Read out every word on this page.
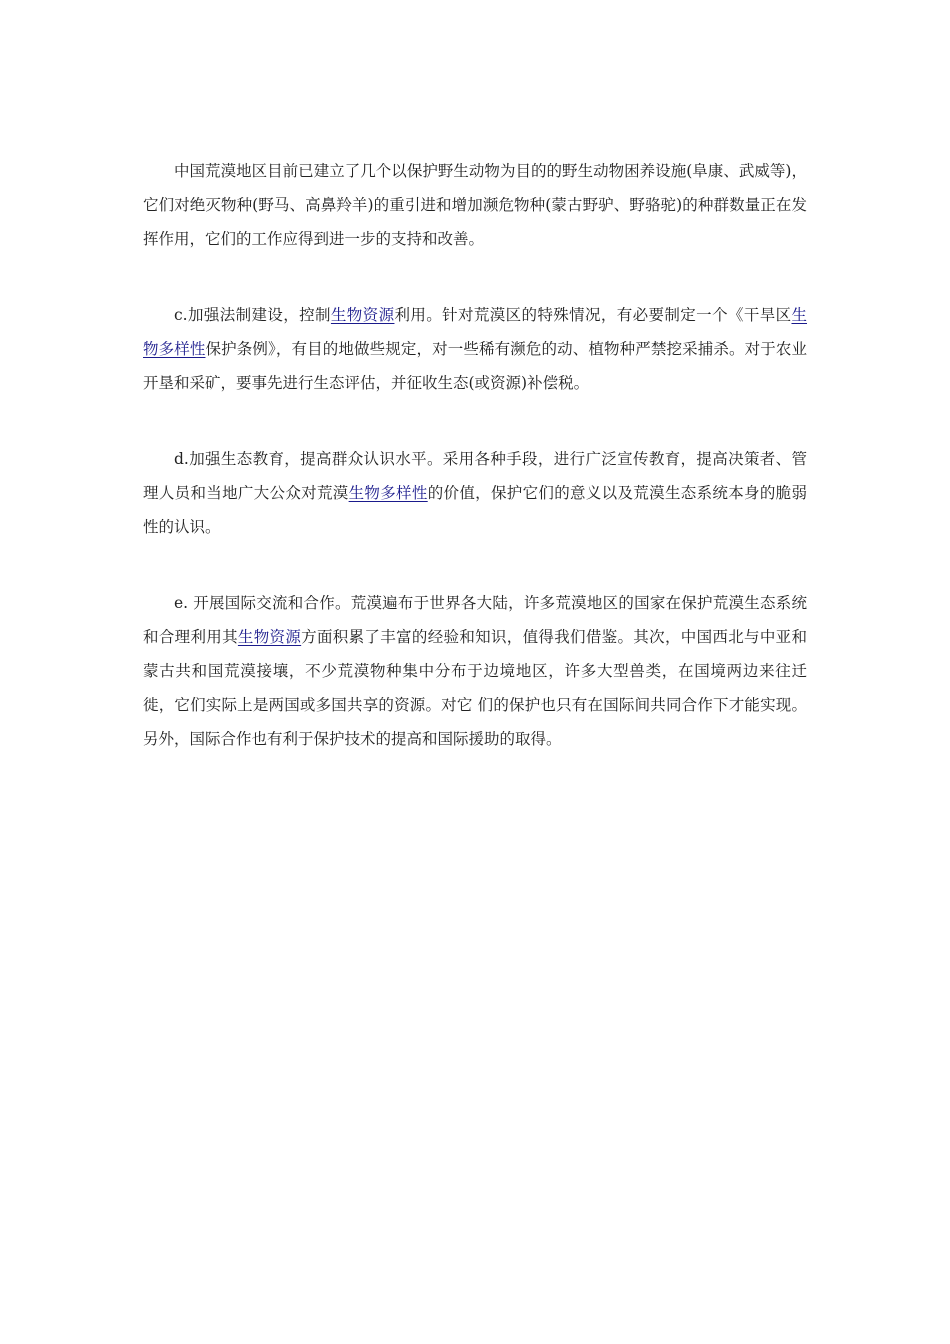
中国荒漠地区目前已建立了几个以保护野生动物为目的的野生动物困养设施(阜康、武威等)，它们对绝灭物种(野马、高鼻羚羊)的重引进和增加濒危物种(蒙古野驴、野骆驼)的种群数量正在发挥作用，它们的工作应得到进一步的支持和改善。

c.加强法制建设，控制生物资源利用。针对荒漠区的特殊情况，有必要制定一个《干旱区生物多样性保护条例》，有目的地做些规定，对一些稀有濒危的动、植物种严禁挖采捕杀。对于农业开垦和采矿，要事先进行生态评估，并征收生态(或资源)补偿税。

d.加强生态教育，提高群众认识水平。采用各种手段，进行广泛宣传教育，提高决策者、管理人员和当地广大公众对荒漠生物多样性的价值，保护它们的意义以及荒漠生态系统本身的脆弱性的认识。

e. 开展国际交流和合作。荒漠遍布于世界各大陆，许多荒漠地区的国家在保护荒漠生态系统和合理利用其生物资源方面积累了丰富的经验和知识，值得我们借鉴。其次，中国西北与中亚和蒙古共和国荒漠接壤，不少荒漠物种集中分布于边境地区，许多大型兽类，在国境两边来往迁徙，它们实际上是两国或多国共享的资源。对它 们的保护也只有在国际间共同合作下才能实现。另外，国际合作也有利于保护技术的提高和国际援助的取得。
